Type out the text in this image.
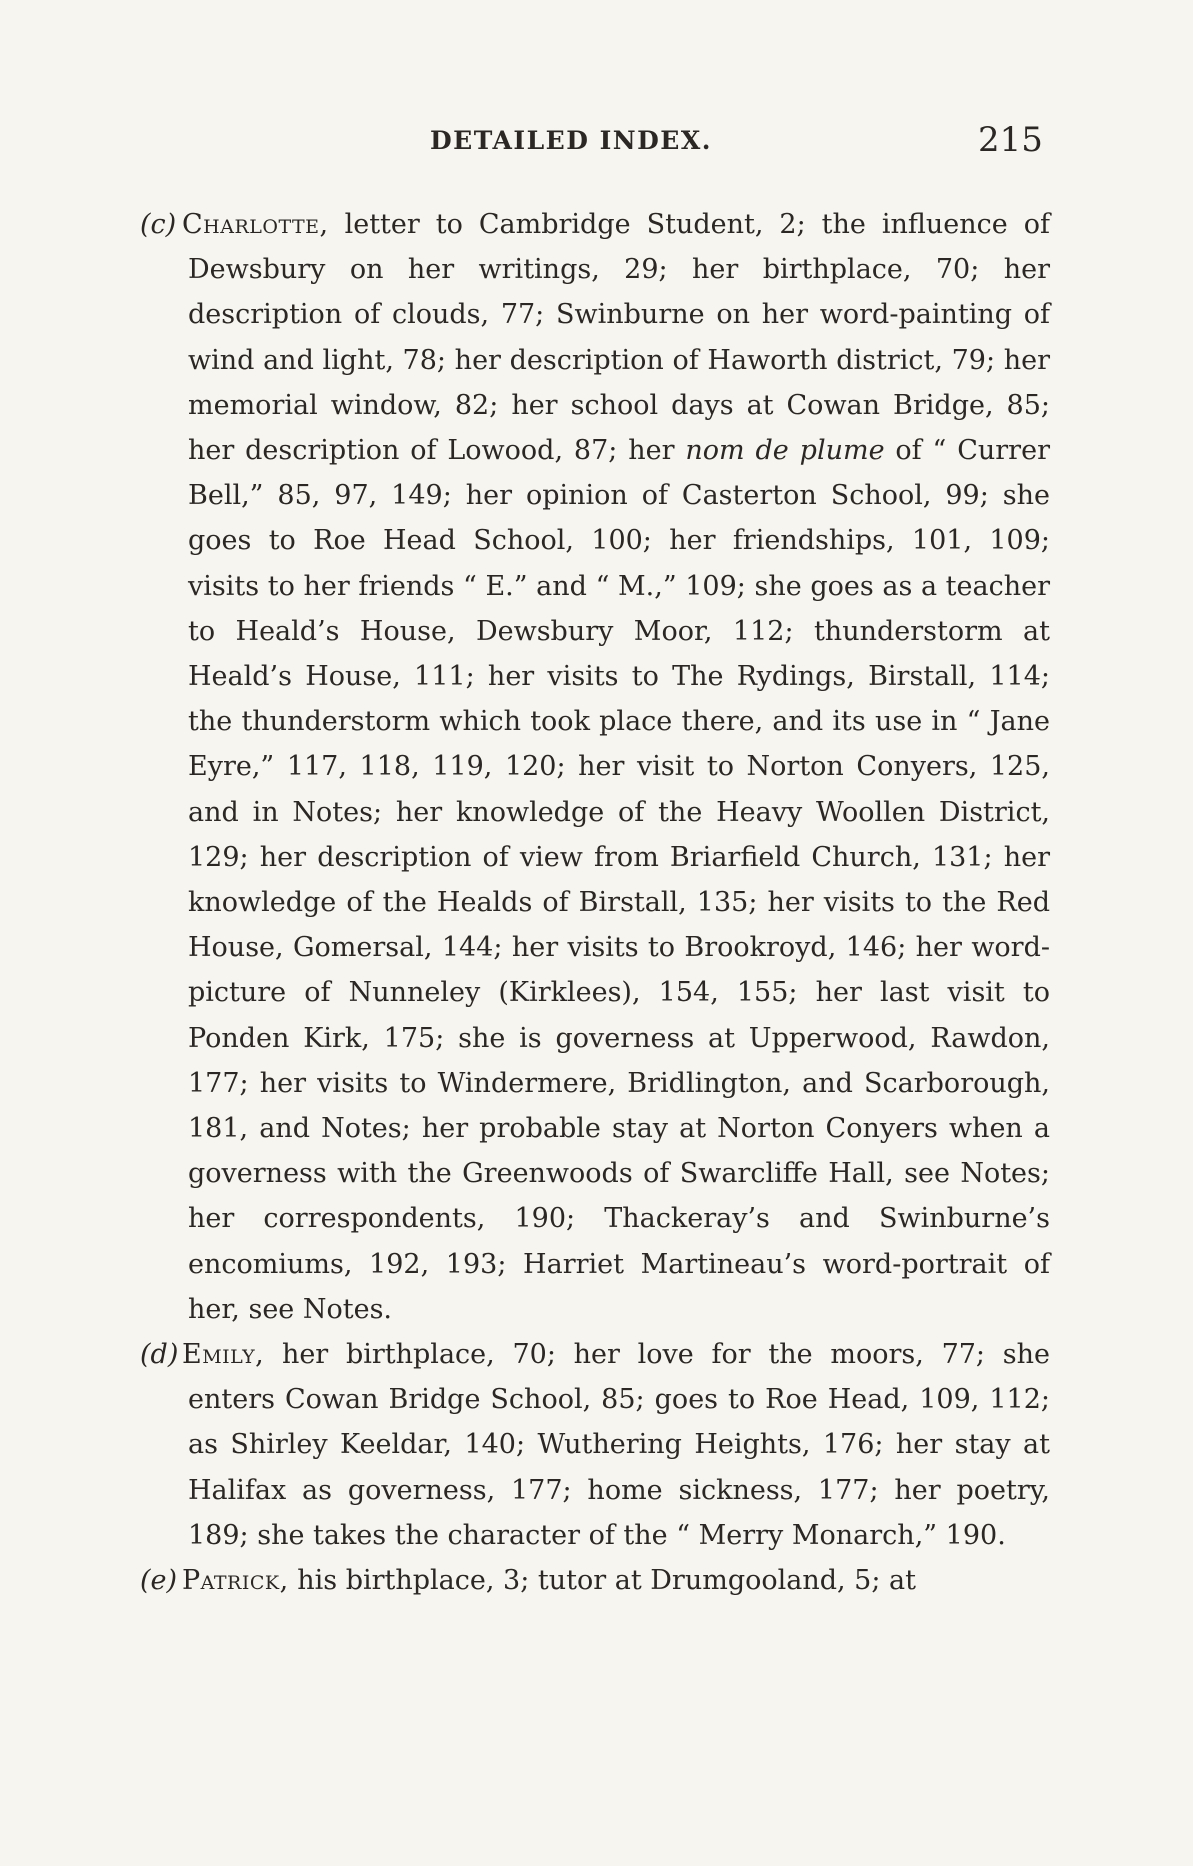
DETAILED INDEX.	215

(c) Charlotte, letter to Cambridge Student, 2; the influence of Dewsbury on her writings, 29; her birthplace, 70; her description of clouds, 77; Swinburne on her word-painting of wind and light, 78; her description of Haworth district, 79; her memorial window, 82; her school days at Cowan Bridge, 85; her description of Lowood, 87; her nom de plume of “ Currer Bell,” 85, 97, 149; her opinion of Casterton School, 99; she goes to Roe Head School, 100; her friendships, 101, 109; visits to her friends “ E.” and “ M.,” 109; she goes as a teacher to Heald’s House, Dewsbury Moor, 112; thunderstorm at Heald’s House, 111; her visits to The Rydings, Birstall, 114; the thunderstorm which took place there, and its use in “ Jane Eyre,” 117, 118, 119, 120; her visit to Norton Conyers, 125, and in Notes; her knowledge of the Heavy Woollen District, 129; her description of view from Briarfield Church, 131; her knowledge of the Healds of Birstall, 135; her visits to the Red House, Gomersal, 144; her visits to Brookroyd, 146; her word-picture of Nunneley (Kirklees), 154, 155; her last visit to Ponden Kirk, 175; she is governess at Upperwood, Rawdon, 177; her visits to Windermere, Bridlington, and Scarborough, 181, and Notes; her probable stay at Norton Conyers when a governess with the Greenwoods of Swarcliffe Hall, see Notes; her correspondents, 190; Thackeray’s and Swinburne’s encomiums, 192, 193; Harriet Martineau’s word-portrait of her, see Notes.

(d) Emily, her birthplace, 70; her love for the moors, 77; she enters Cowan Bridge School, 85; goes to Roe Head, 109, 112; as Shirley Keeldar, 140; Wuthering Heights, 176; her stay at Halifax as governess, 177; home sickness, 177; her poetry, 189; she takes the character of the “ Merry Monarch,” 190.

(e) Patrick, his birthplace, 3; tutor at Drumgooland, 5; at
